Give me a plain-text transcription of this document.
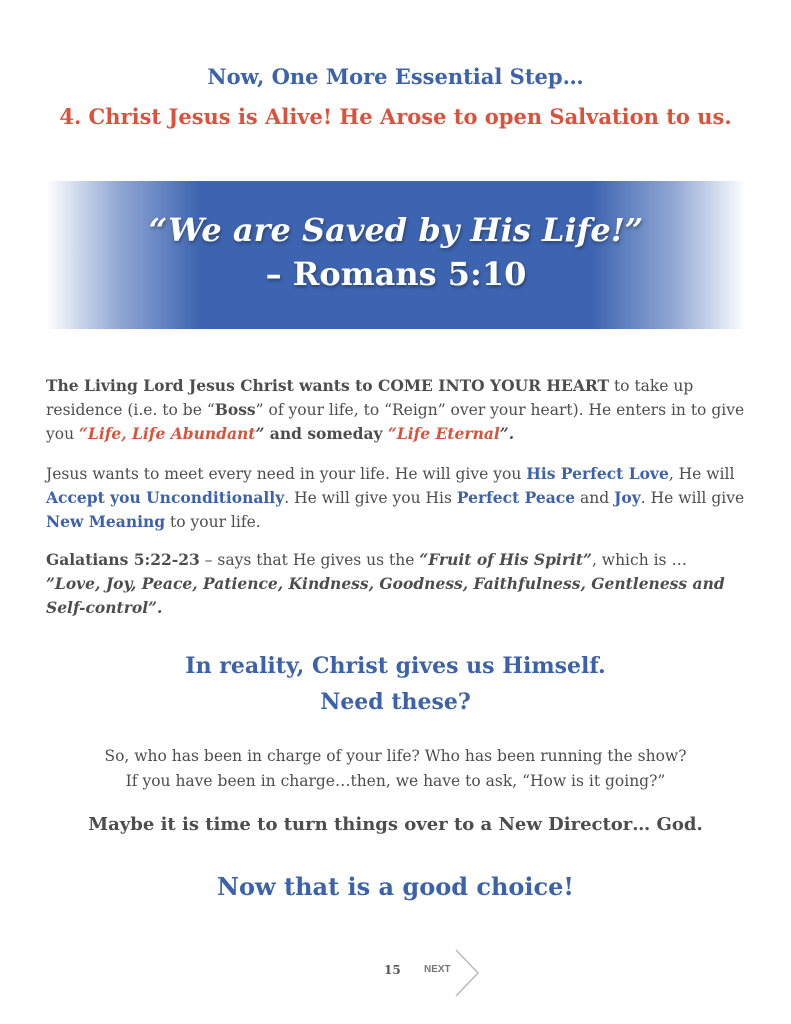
Now, One More Essential Step…
4. Christ Jesus is Alive! He Arose to open Salvation to us.
“We are Saved by His Life!”
– Romans 5:10
The Living Lord Jesus Christ wants to COME INTO YOUR HEART to take up residence (i.e. to be “Boss” of your life, to “Reign” over your heart). He enters in to give you “Life, Life Abundant” and someday “Life Eternal”.
Jesus wants to meet every need in your life. He will give you His Perfect Love, He will Accept you Unconditionally. He will give you His Perfect Peace and Joy. He will give New Meaning to your life.
Galatians 5:22-23 – says that He gives us the “Fruit of His Spirit”, which is … ”Love, Joy, Peace, Patience, Kindness, Goodness, Faithfulness, Gentleness and Self-control”.
In reality, Christ gives us Himself.
Need these?
So, who has been in charge of your life? Who has been running the show?
If you have been in charge…then, we have to ask, “How is it going?”
Maybe it is time to turn things over to a New Director… God.
Now that is a good choice!
15 NEXT
